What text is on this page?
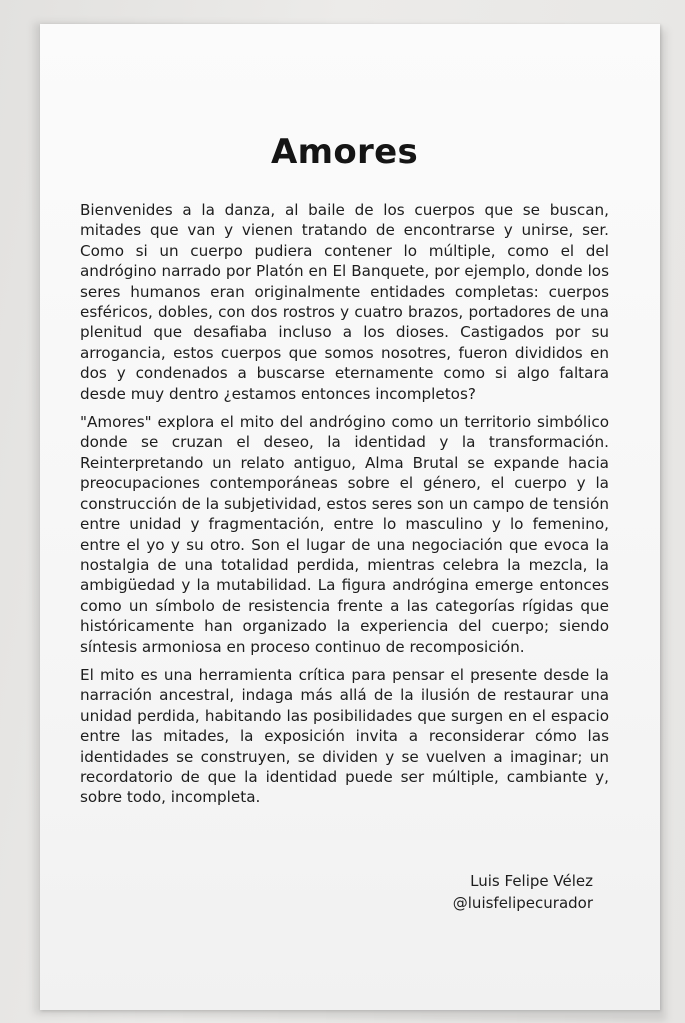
Amores

Bienvenides a la danza, al baile de los cuerpos que se buscan, mitades que van y vienen tratando de encontrarse y unirse, ser. Como si un cuerpo pudiera contener lo múltiple, como el del andrógino narrado por Platón en El Banquete, por ejemplo, donde los seres humanos eran originalmente entidades completas: cuerpos esféricos, dobles, con dos rostros y cuatro brazos, portadores de una plenitud que desafiaba incluso a los dioses. Castigados por su arrogancia, estos cuerpos que somos nosotres, fueron divididos en dos y condenados a buscarse eternamente como si algo faltara desde muy dentro ¿estamos entonces incompletos?

"Amores" explora el mito del andrógino como un territorio simbólico donde se cruzan el deseo, la identidad y la transformación. Reinterpretando un relato antiguo, Alma Brutal se expande hacia preocupaciones contemporáneas sobre el género, el cuerpo y la construcción de la subjetividad, estos seres son un campo de tensión entre unidad y fragmentación, entre lo masculino y lo femenino, entre el yo y su otro. Son el lugar de una negociación que evoca la nostalgia de una totalidad perdida, mientras celebra la mezcla, la ambigüedad y la mutabilidad. La figura andrógina emerge entonces como un símbolo de resistencia frente a las categorías rígidas que históricamente han organizado la experiencia del cuerpo; siendo síntesis armoniosa en proceso continuo de recomposición.

El mito es una herramienta crítica para pensar el presente desde la narración ancestral, indaga más allá de la ilusión de restaurar una unidad perdida, habitando las posibilidades que surgen en el espacio entre las mitades, la exposición invita a reconsiderar cómo las identidades se construyen, se dividen y se vuelven a imaginar; un recordatorio de que la identidad puede ser múltiple, cambiante y, sobre todo, incompleta.

Luis Felipe Vélez
@luisfelipecurador
